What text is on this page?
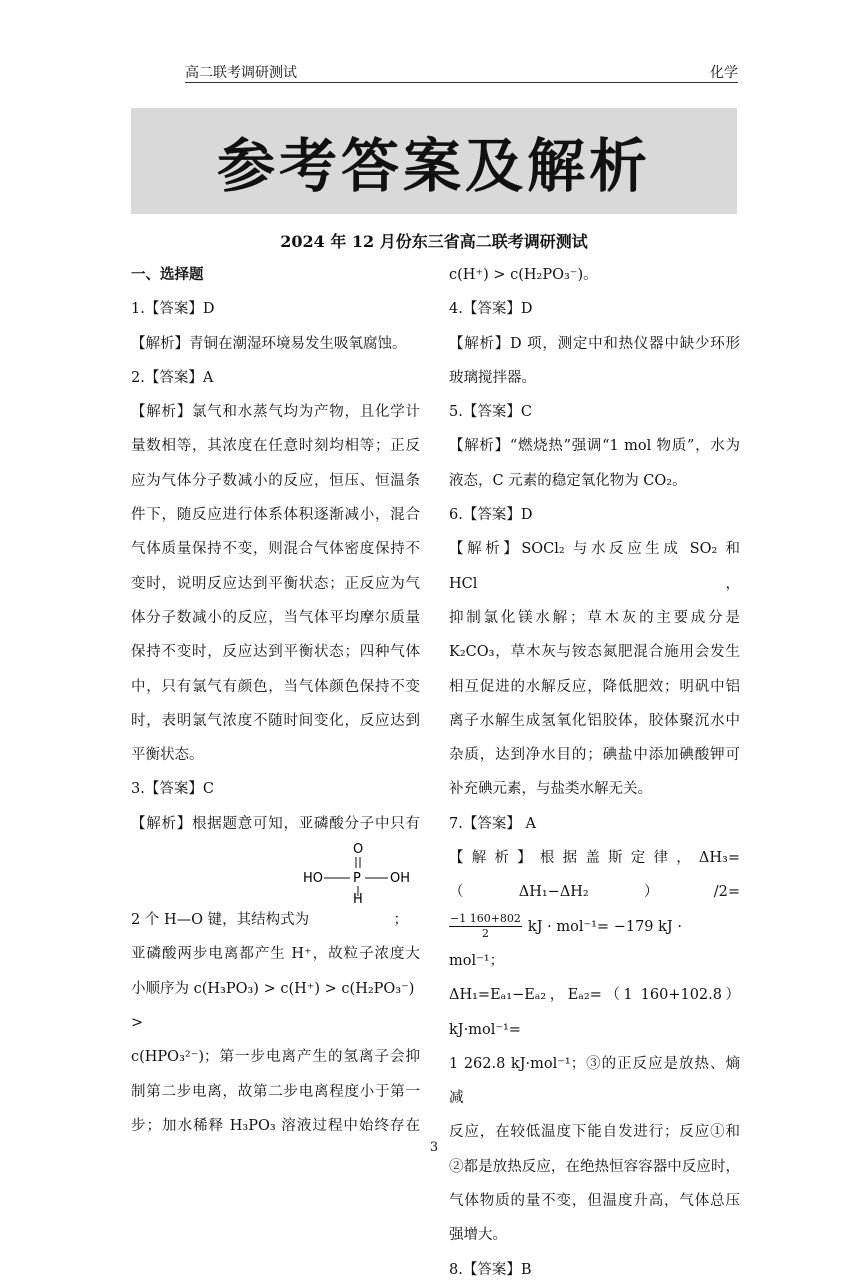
高二联考调研测试	化学
参考答案及解析
2024 年 12 月份东三省高二联考调研测试

一、选择题

1.【答案】D

【解析】青铜在潮湿环境易发生吸氧腐蚀。

2.【答案】A

【解析】氯气和水蒸气均为产物，且化学计

量数相等，其浓度在任意时刻均相等；正反

应为气体分子数减小的反应，恒压、恒温条

件下，随反应进行体系体积逐渐减小，混合

气体质量保持不变，则混合气体密度保持不

变时，说明反应达到平衡状态；正反应为气

体分子数减小的反应，当气体平均摩尔质量

保持不变时，反应达到平衡状态；四种气体

中，只有氯气有颜色，当气体颜色保持不变

时，表明氯气浓度不随时间变化，反应达到

平衡状态。

3.【答案】C

【解析】根据题意可知，亚磷酸分子中只有

O
HO P OH
H

2 个 H—O 键，其结构式为	；

亚磷酸两步电离都产生 H⁺，故粒子浓度大

小顺序为 c(H₃PO₃) > c(H⁺) > c(H₂PO₃⁻) >

c(HPO₃²⁻)；第一步电离产生的氢离子会抑

制第二步电离，故第二步电离程度小于第一

步；加水稀释 H₃PO₃ 溶液过程中始终存在

c(H⁺) > c(H₂PO₃⁻)。

4.【答案】D

【解析】D 项，测定中和热仪器中缺少环形

玻璃搅拌器。

5.【答案】C

【解析】“燃烧热”强调“1 mol 物质”，水为

液态，C 元素的稳定氧化物为 CO₂。

6.【答案】D

【解析】SOCl₂ 与水反应生成 SO₂ 和 HCl，

抑制氯化镁水解；草木灰的主要成分是

K₂CO₃，草木灰与铵态氮肥混合施用会发生

相互促进的水解反应，降低肥效；明矾中铝

离子水解生成氢氧化铝胶体，胶体聚沉水中

杂质，达到净水目的；碘盐中添加碘酸钾可

补充碘元素，与盐类水解无关。

7.【答案】 A

【解析】根据盖斯定律，ΔH₃=（ΔH₁−ΔH₂）/2=

$\frac{-1 160+802}{2}$ kJ · mol⁻¹= −179 kJ · mol⁻¹；

ΔH₁=Eₐ₁−Eₐ₂，Eₐ₂=（1 160+102.8）kJ·mol⁻¹=

1 262.8 kJ·mol⁻¹；③的正反应是放热、熵减

反应，在较低温度下能自发进行；反应①和

②都是放热反应，在绝热恒容容器中反应时，

气体物质的量不变，但温度升高，气体总压

强增大。

8.【答案】B

3
